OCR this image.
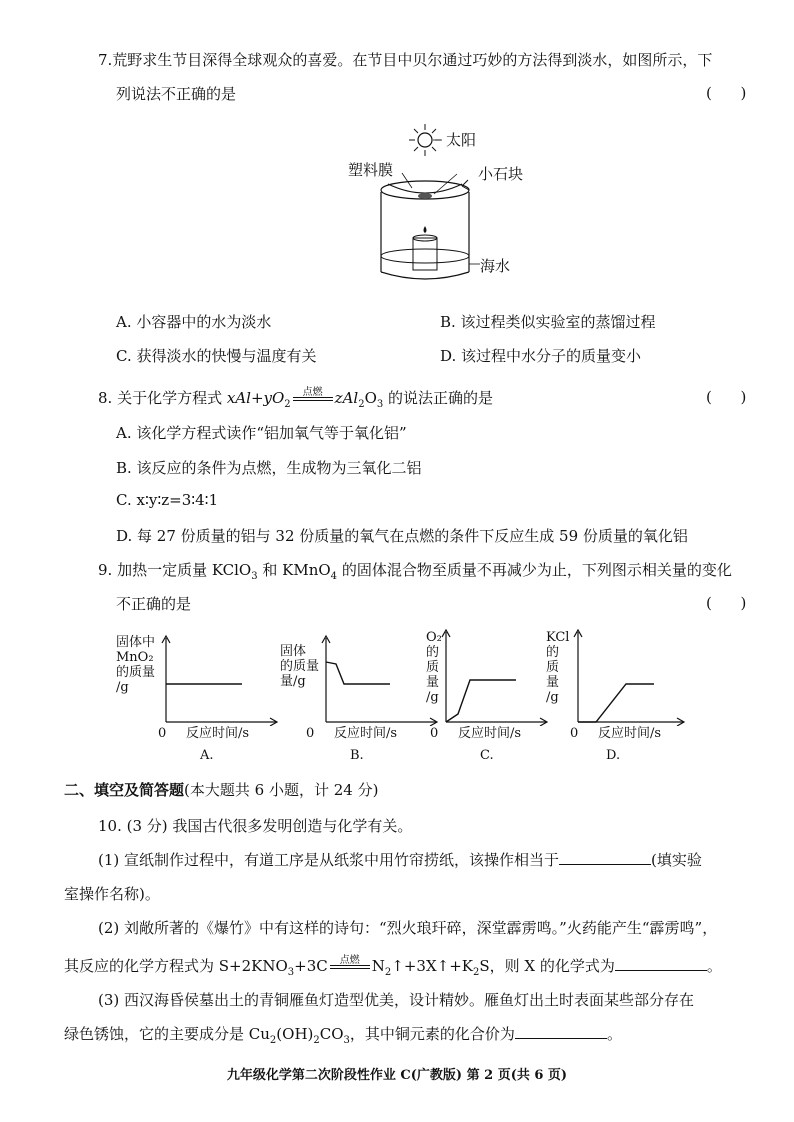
7.荒野求生节目深得全球观众的喜爱。在节目中贝尔通过巧妙的方法得到淡水，如图所示，下
列说法不正确的是	(      )
太阳
塑料膜	小石块
海水
A. 小容器中的水为淡水	B. 该过程类似实验室的蒸馏过程
C. 获得淡水的快慢与温度有关	D. 该过程中水分子的质量变小
8. 关于化学方程式 $xAl+yO_2$
点燃 $zAl_2O_3$ 的说法正确的是	(      )
A. 该化学方程式读作“铝加氧气等于氧化铝”
B. 该反应的条件为点燃，生成物为三氧化二铝
C. x∶y∶z=3∶4∶1
D. 每 27 份质量的铝与 32 份质量的氧气在点燃的条件下反应生成 59 份质量的氧化铝
9. 加热一定质量 KClO$_3$ 和 KMnO$_4$ 的固体混合物至质量不再减少为止，下列图示相关量的变化
不正确的是	(      )
固体中
MnO₂
的质量
/g
0 反应时间/s
A.
固体
的质量
量/g
0 反应时间/s
B.
O₂
的
质
量
/g
0 反应时间/s
C.
KCl
的
质
量
/g
0 反应时间/s
D.
二、填空及简答题(本大题共 6 小题，计 24 分)
10. (3 分) 我国古代很多发明创造与化学有关。
(1) 宣纸制作过程中，有道工序是从纸浆中用竹帘捞纸，该操作相当于	(填实验
室操作名称)。
(2) 刘敞所著的《爆竹》中有这样的诗句：“烈火琅玕碎，深堂霹雳鸣。”火药能产生“霹雳鸣”，
其反应的化学方程式为 $S+2KNO_3+3C$	点燃 $N_2↑+3X↑+K_2S$，则 X 的化学式为	。
(3) 西汉海昏侯墓出土的青铜雁鱼灯造型优美，设计精妙。雁鱼灯出土时表面某些部分存在
绿色锈蚀，它的主要成分是 $Cu_2(OH)_2CO_3$，其中铜元素的化合价为	。
九年级化学第二次阶段性作业 C(广教版) 第 2 页(共 6 页)
